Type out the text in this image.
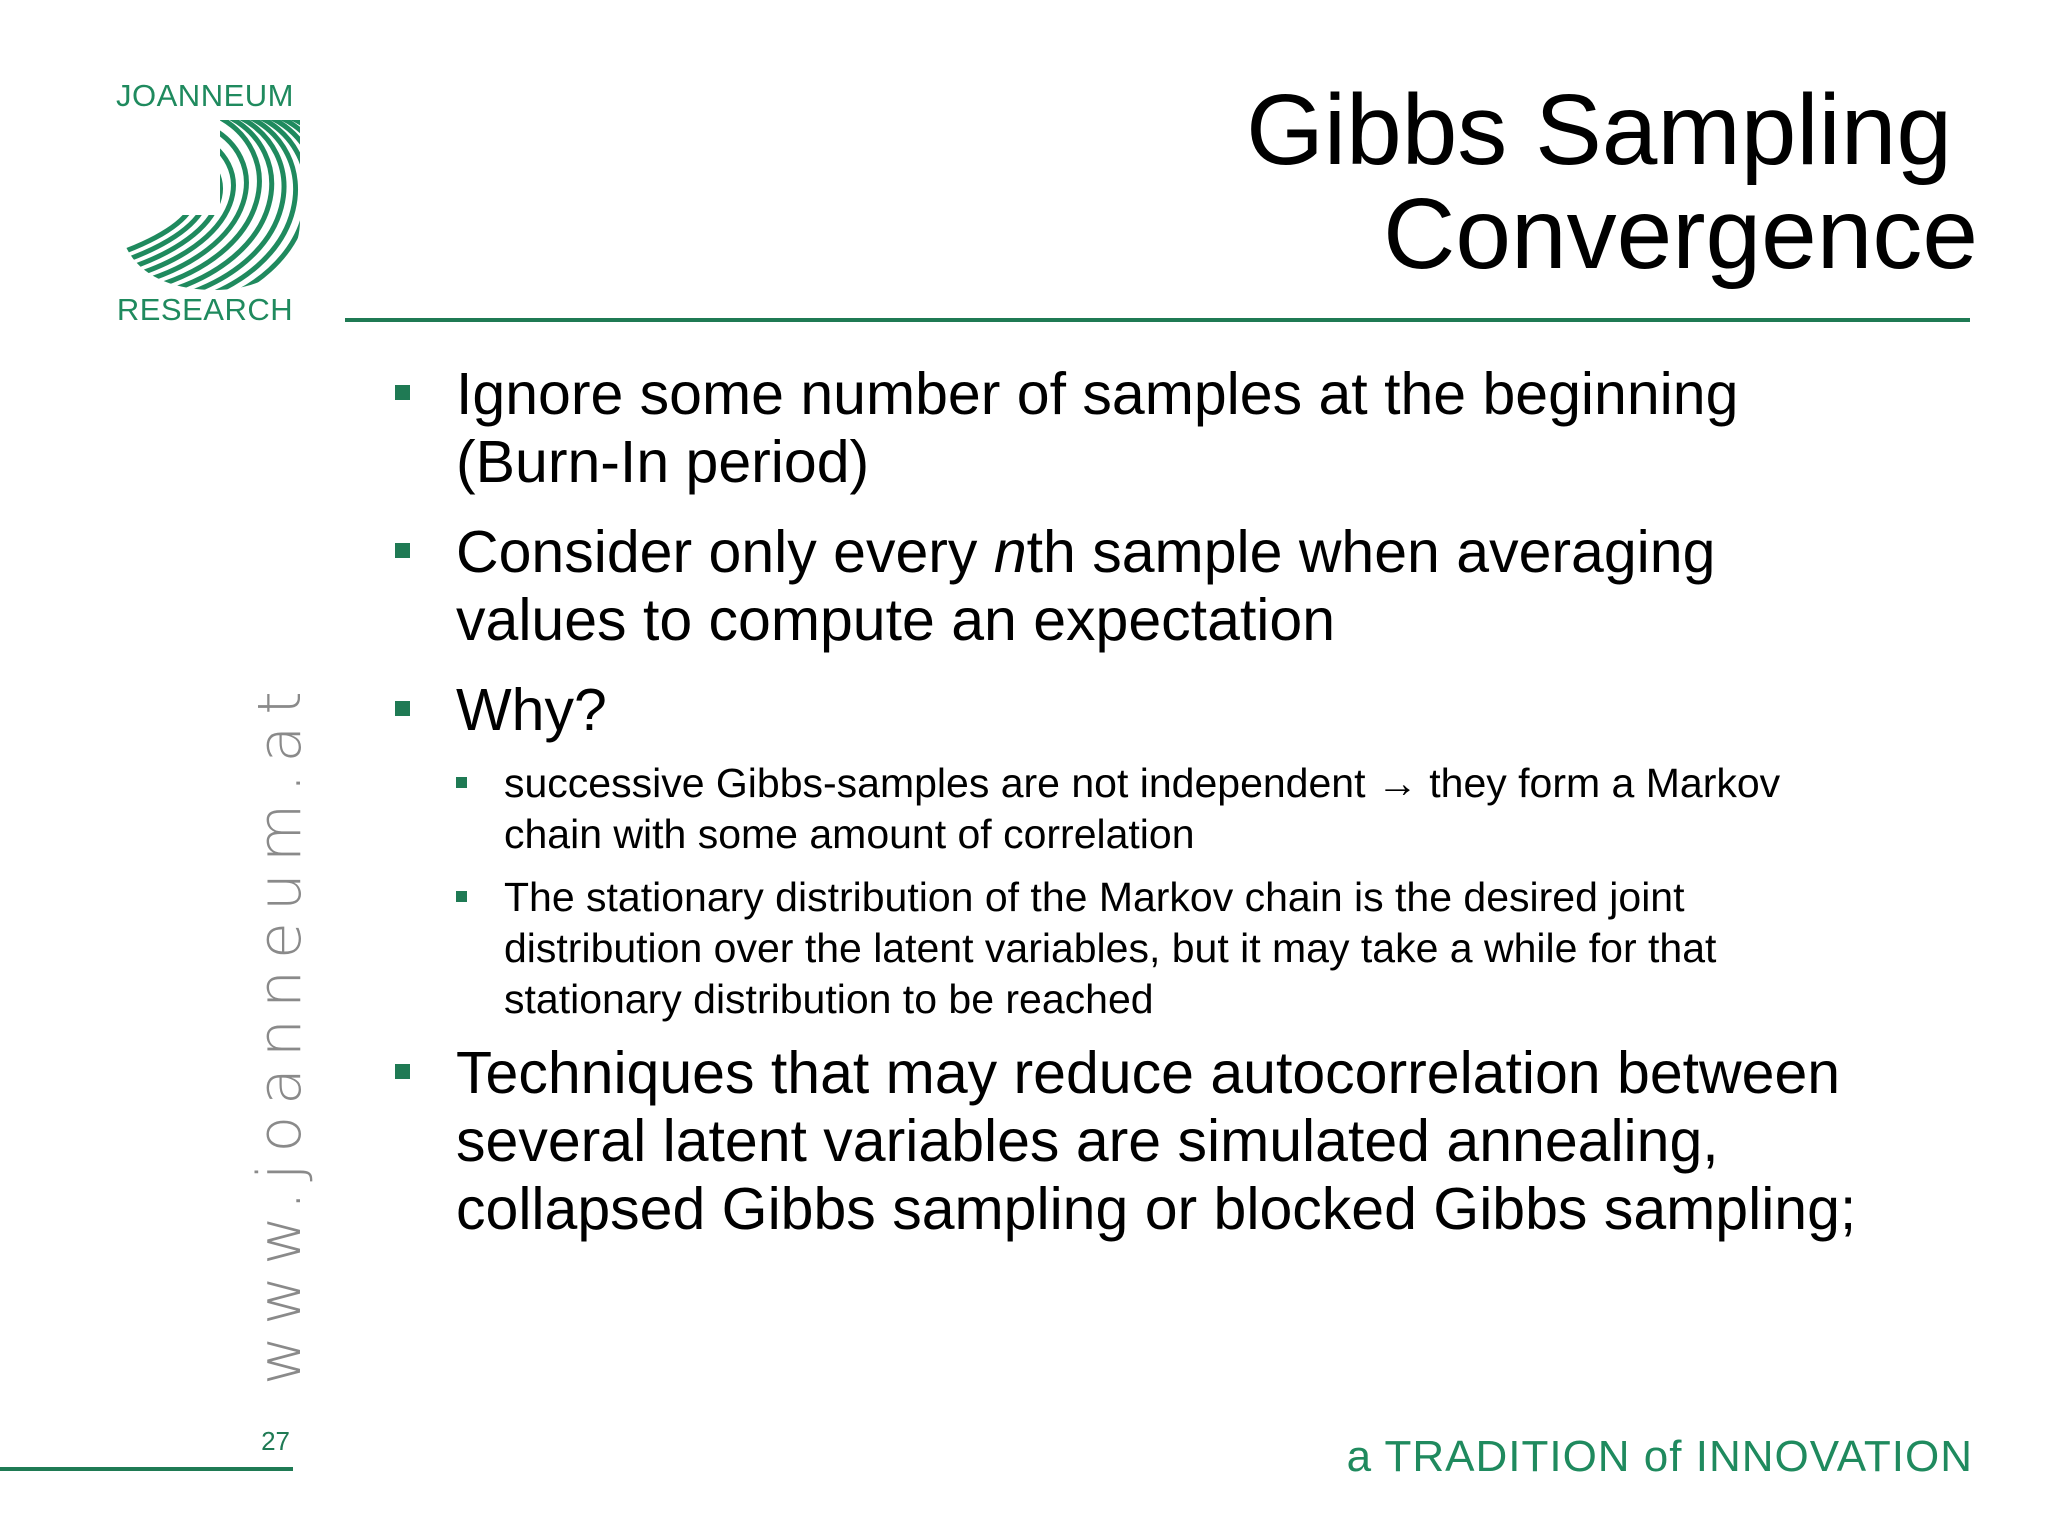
JOANNEUM
RESEARCH
Gibbs Sampling
Convergence
Ignore some number of samples at the beginning
(Burn-In period)
Consider only every nth sample when averaging
values to compute an expectation
Why?
successive Gibbs-samples are not independent → they form a Markov
chain with some amount of correlation
The stationary distribution of the Markov chain is the desired joint
distribution over the latent variables, but it may take a while for that
stationary distribution to be reached
Techniques that may reduce autocorrelation between
several latent variables are simulated annealing,
collapsed Gibbs sampling or blocked Gibbs sampling;
www.joanneum.at
27	a TRADITION of INNOVATION
